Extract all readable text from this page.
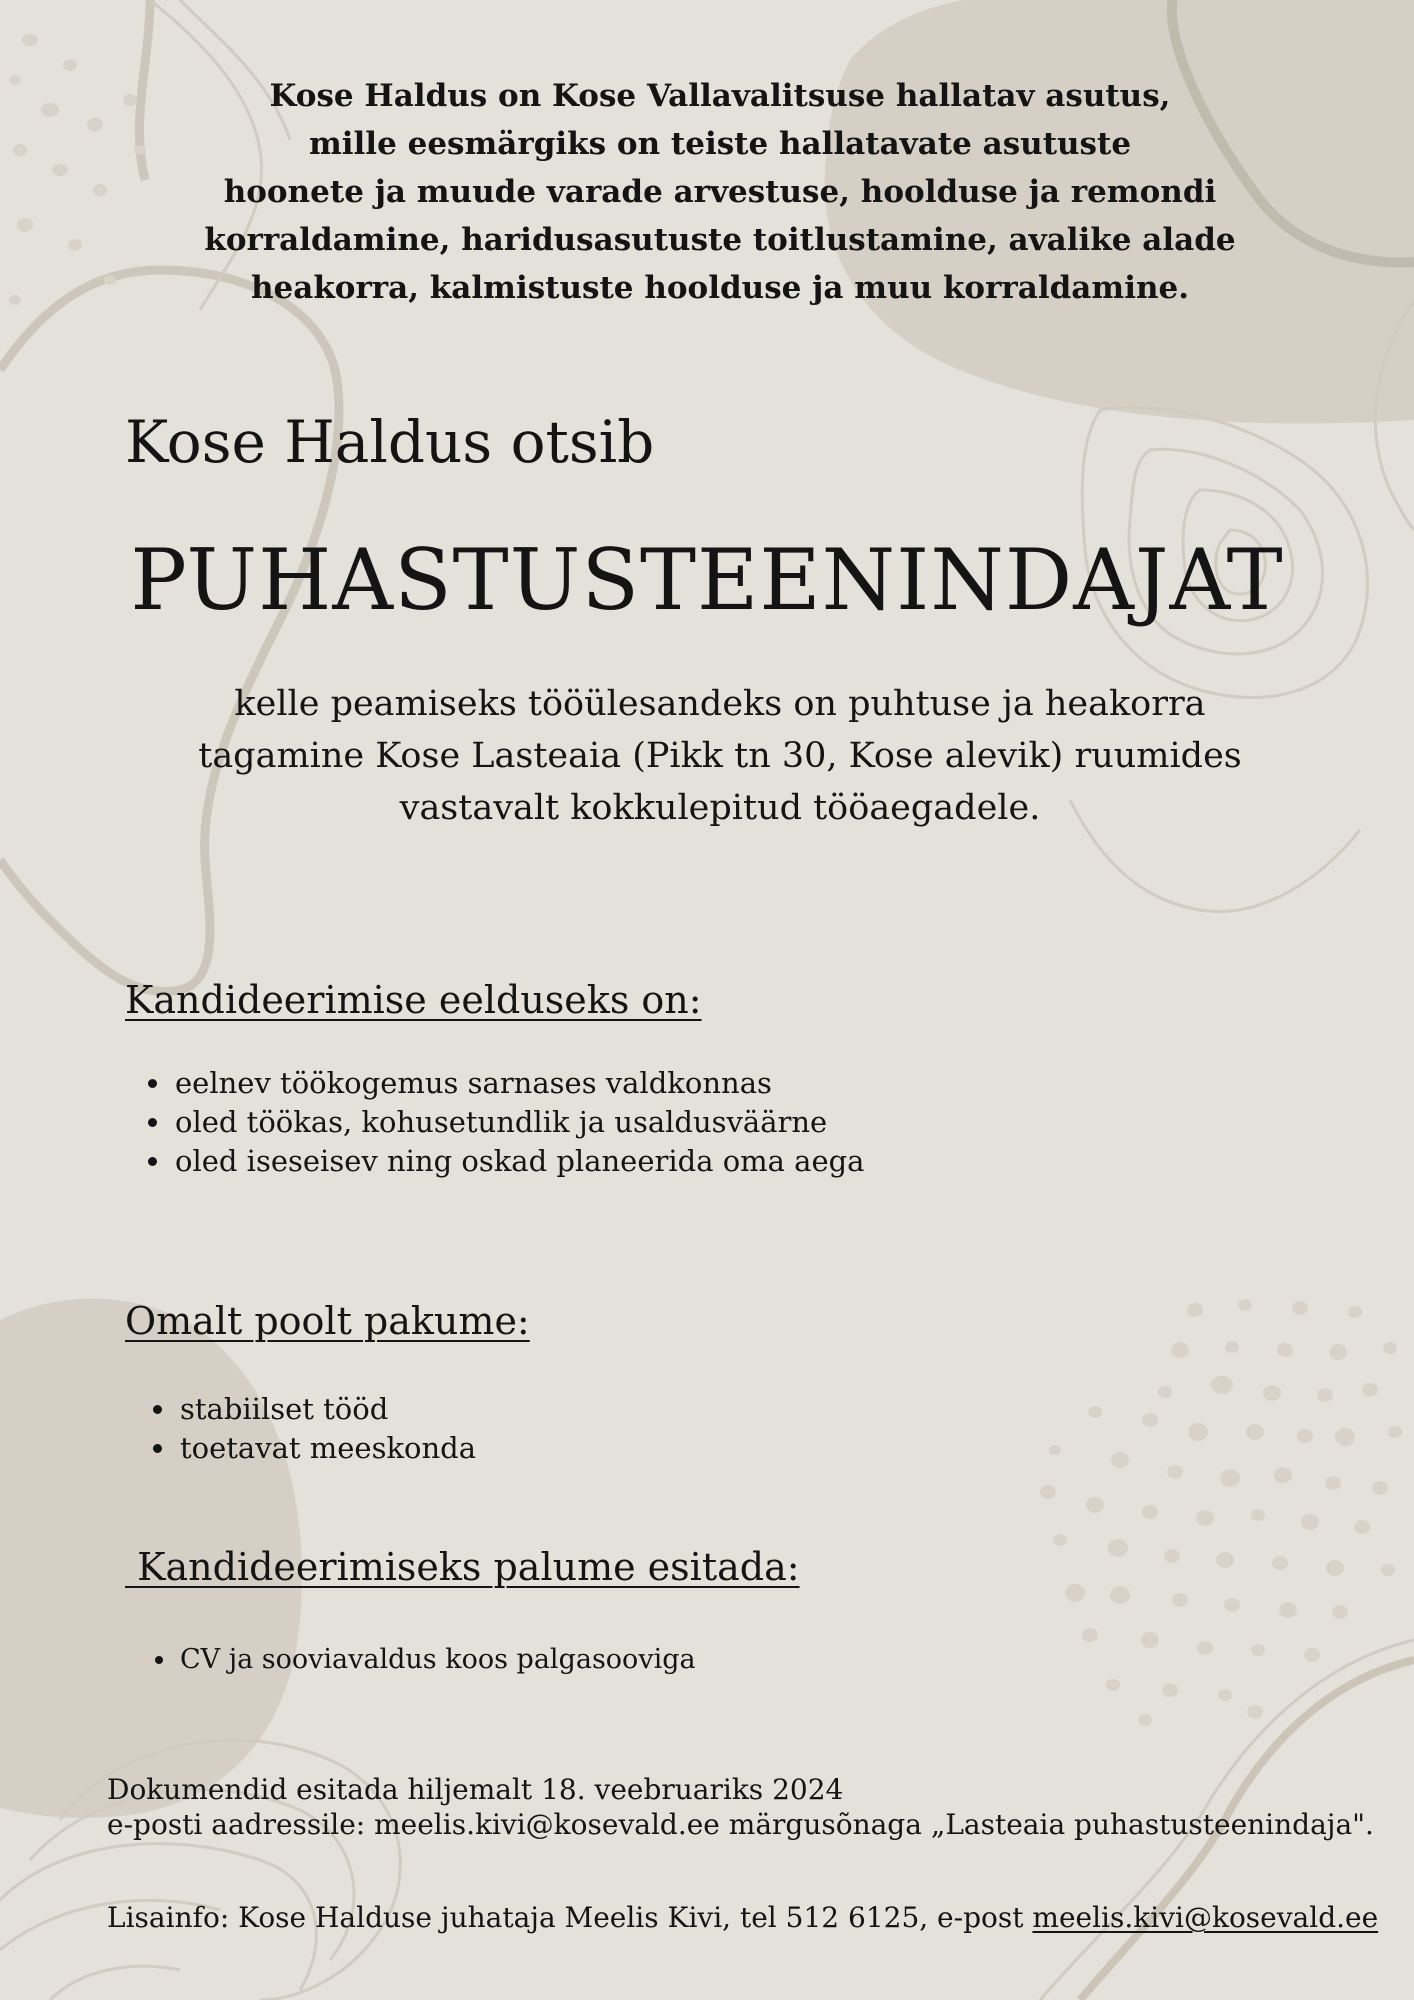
Kose Haldus on Kose Vallavalitsuse hallatav asutus,
mille eesmärgiks on teiste hallatavate asutuste
hoonete ja muude varade arvestuse, hoolduse ja remondi
korraldamine, haridusasutuste toitlustamine, avalike alade
heakorra, kalmistuste hoolduse ja muu korraldamine.
Kose Haldus otsib
PUHASTUSTEENINDAJAT
kelle peamiseks tööülesandeks on puhtuse ja heakorra
tagamine Kose Lasteaia (Pikk tn 30, Kose alevik) ruumides
vastavalt kokkulepitud tööaegadele.
Kandideerimise eelduseks on:
• eelnev töökogemus sarnases valdkonnas
• oled töökas, kohusetundlik ja usaldusväärne
• oled iseseisev ning oskad planeerida oma aega
Omalt poolt pakume:
• stabiilset tööd
• toetavat meeskonda
Kandideerimiseks palume esitada:
• CV ja sooviavaldus koos palgasooviga
Dokumendid esitada hiljemalt 18. veebruariks 2024
e-posti aadressile: meelis.kivi@kosevald.ee märgusõnaga „Lasteaia puhastusteenindaja".
Lisainfo: Kose Halduse juhataja Meelis Kivi, tel 512 6125, e-post meelis.kivi@kosevald.ee
